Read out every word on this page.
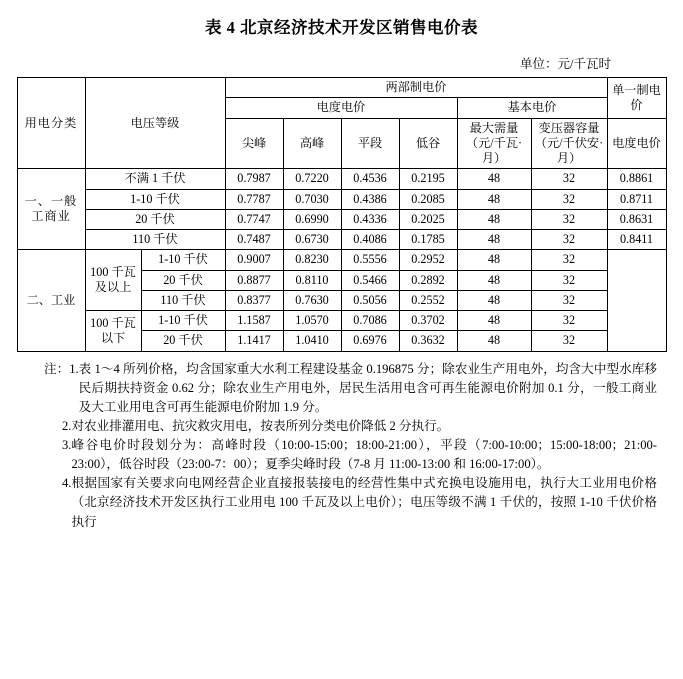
表 4 北京经济技术开发区销售电价表
单位：元/千瓦时
用电分类	电压等级		两部制电价						单一制电价
			电度电价				基本电价		
			尖峰	高峰	平段	低谷	最大需量（元/千瓦·月）	变压器容量（元/千伏安·月）	电度电价
一、一般工商业	不满 1 千伏		0.7987	0.7220	0.4536	0.2195	48	32	0.8861
	1-10 千伏		0.7787	0.7030	0.4386	0.2085	48	32	0.8711
	20 千伏		0.7747	0.6990	0.4336	0.2025	48	32	0.8631
	110 千伏		0.7487	0.6730	0.4086	0.1785	48	32	0.8411
二、工业	100 千瓦及以上	1-10 千伏	0.9007	0.8230	0.5556	0.2952	48	32	
		20 千伏	0.8877	0.8110	0.5466	0.2892	48	32	
		110 千伏	0.8377	0.7630	0.5056	0.2552	48	32	
	100 千瓦以下	1-10 千伏	1.1587	1.0570	0.7086	0.3702	48	32	
		20 千伏	1.1417	1.0410	0.6976	0.3632	48	32	
注： 1. 表 1～4 所列价格，均含国家重大水利工程建设基金 0.196875 分；除农业生产用电外，均含大中型水库移民后期扶持资金 0.62 分；除农业生产用电外，居民生活用电含可再生能源电价附加 0.1 分，一般工商业及大工业用电含可再生能源电价附加 1.9 分。
2. 对农业排灌用电、抗灾救灾用电，按表所列分类电价降低 2 分执行。
3. 峰谷电价时段划分为：高峰时段（10:00-15:00；18:00-21:00），平段（7:00-10:00；15:00-18:00；21:00-23:00），低谷时段（23:00-7：00）；夏季尖峰时段（7-8 月 11:00-13:00 和 16:00-17:00）。
4. 根据国家有关要求向电网经营企业直接报装接电的经营性集中式充换电设施用电，执行大工业用电价格（北京经济技术开发区执行工业用电 100 千瓦及以上电价）；电压等级不满 1 千伏的，按照 1-10 千伏价格执行
